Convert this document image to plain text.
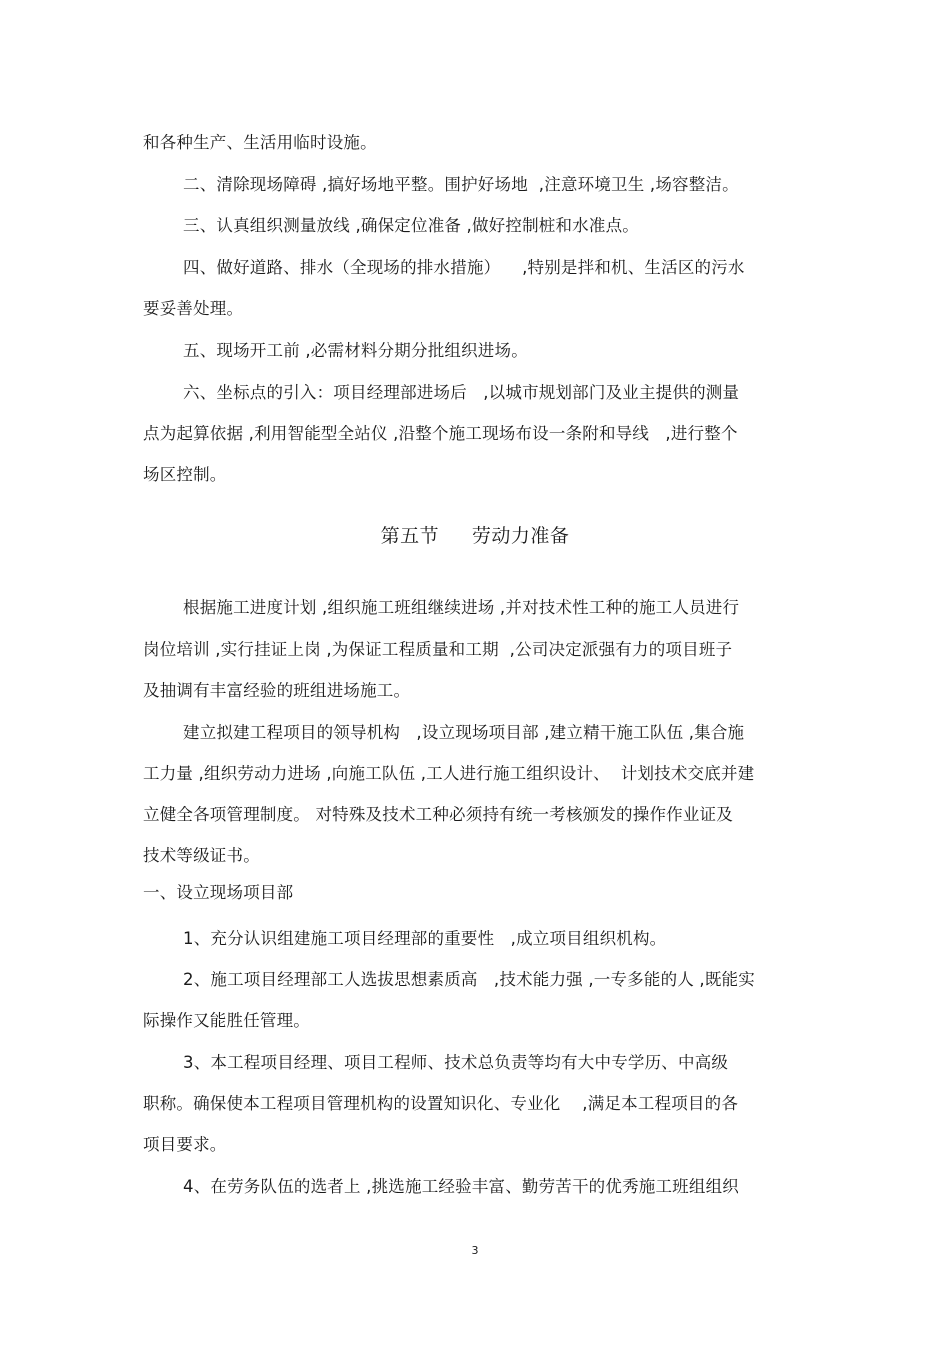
和各种生产、生活用临时设施。
二、清除现场障碍 ,搞好场地平整。围护好场地  ,注意环境卫生 ,场容整洁。
三、认真组织测量放线 ,确保定位准备 ,做好控制桩和水准点。
四、做好道路、排水（全现场的排水措施）    ,特别是拌和机、生活区的污水
要妥善处理。
五、现场开工前 ,必需材料分期分批组织进场。
六、坐标点的引入：项目经理部进场后   ,以城市规划部门及业主提供的测量
点为起算依据 ,利用智能型全站仪 ,沿整个施工现场布设一条附和导线   ,进行整个
场区控制。
第五节     劳动力准备
根据施工进度计划 ,组织施工班组继续进场 ,并对技术性工种的施工人员进行
岗位培训 ,实行挂证上岗 ,为保证工程质量和工期  ,公司决定派强有力的项目班子
及抽调有丰富经验的班组进场施工。
建立拟建工程项目的领导机构   ,设立现场项目部 ,建立精干施工队伍 ,集合施
工力量 ,组织劳动力进场 ,向施工队伍 ,工人进行施工组织设计、  计划技术交底并建
立健全各项管理制度。 对特殊及技术工种必须持有统一考核颁发的操作作业证及
技术等级证书。
一、设立现场项目部
1、充分认识组建施工项目经理部的重要性   ,成立项目组织机构。
2、施工项目经理部工人选拔思想素质高   ,技术能力强 ,一专多能的人 ,既能实
际操作又能胜任管理。
3、本工程项目经理、项目工程师、技术总负责等均有大中专学历、中高级
职称。确保使本工程项目管理机构的设置知识化、专业化    ,满足本工程项目的各
项目要求。
4、在劳务队伍的选者上 ,挑选施工经验丰富、勤劳苦干的优秀施工班组组织
3
